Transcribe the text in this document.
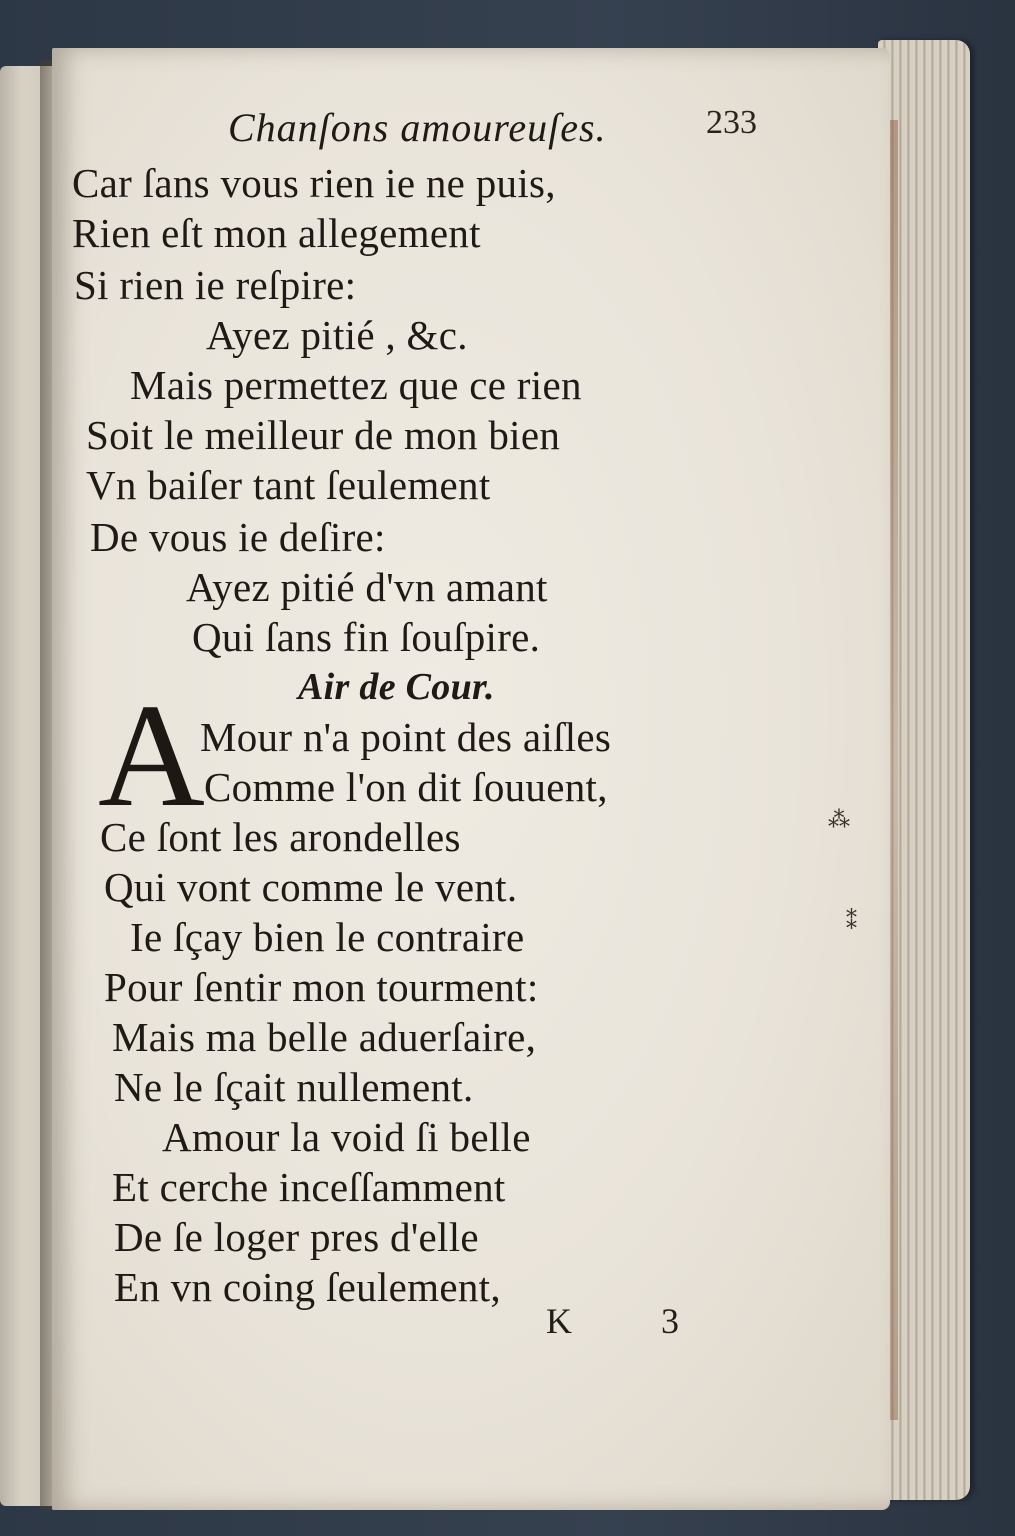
Chanſons amoureuſes.	233
Car ſans vous rien ie ne puis,
Rien eſt mon allegement
Si rien ie reſpire:
Ayez pitié , &c.
Mais permettez que ce rien
Soit le meilleur de mon bien
Vn baiſer tant ſeulement
De vous ie deſire:
Ayez pitié d'vn amant
Qui ſans fin ſouſpire.
Air de Cour.
A
Mour n'a point des aiſles
Comme l'on dit ſouuent,
Ce ſont les arondelles
Qui vont comme le vent.
Ie ſçay bien le contraire
Pour ſentir mon tourment:
Mais ma belle aduerſaire,
Ne le ſçait nullement.
Amour la void ſi belle
Et cerche inceſſamment
De ſe loger pres d'elle
En vn coing ſeulement,
K 3
⁂
⁑
